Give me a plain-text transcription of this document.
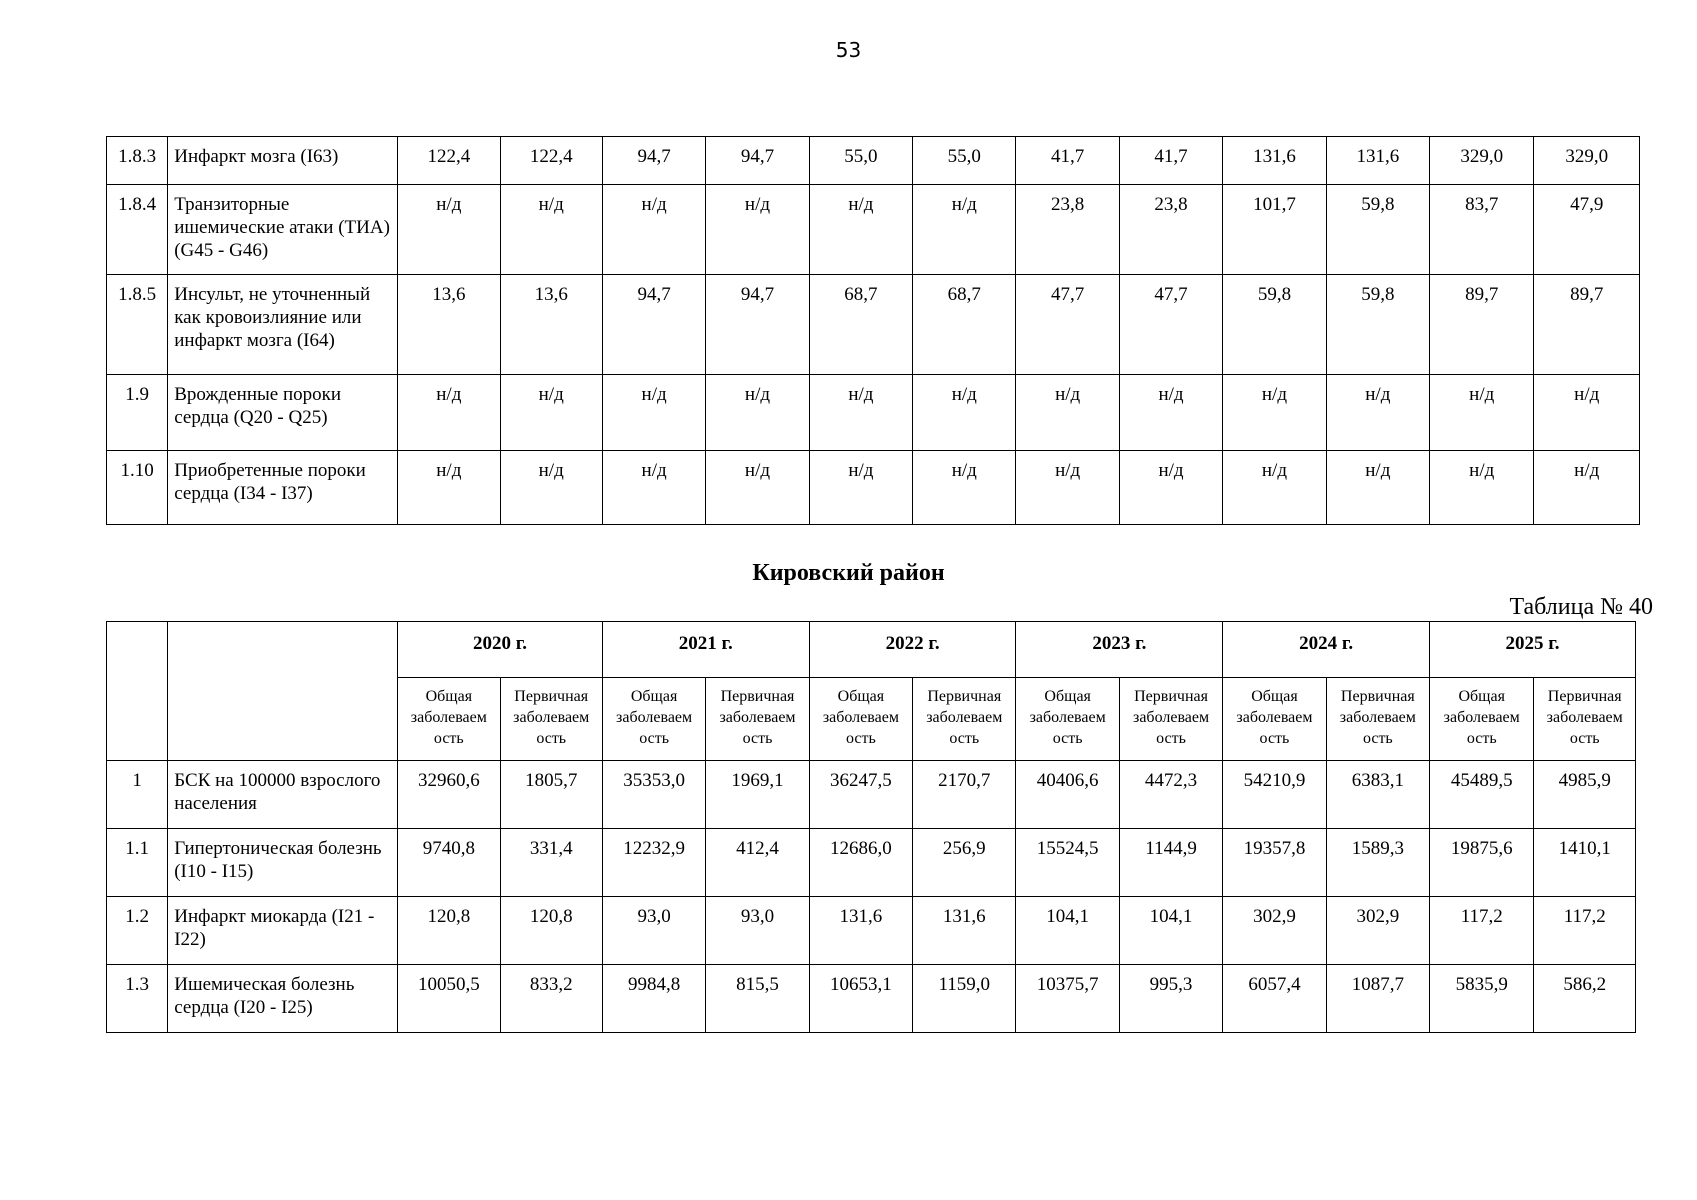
53
1.8.3	Инфаркт мозга (I63)	122,4	122,4	94,7	94,7	55,0	55,0	41,7	41,7	131,6	131,6	329,0	329,0
1.8.4	Транзиторные ишемические атаки (ТИА) (G45 - G46)	н/д	н/д	н/д	н/д	н/д	н/д	23,8	23,8	101,7	59,8	83,7	47,9
1.8.5	Инсульт, не уточненный как кровоизлияние или инфаркт мозга (I64)	13,6	13,6	94,7	94,7	68,7	68,7	47,7	47,7	59,8	59,8	89,7	89,7
1.9	Врожденные пороки сердца (Q20 - Q25)	н/д	н/д	н/д	н/д	н/д	н/д	н/д	н/д	н/д	н/д	н/д	н/д
1.10	Приобретенные пороки сердца (I34 - I37)	н/д	н/д	н/д	н/д	н/д	н/д	н/д	н/д	н/д	н/д	н/д	н/д
Кировский район
Таблица № 40
		2020 г.		2021 г.		2022 г.		2023 г.		2024 г.		2025 г.	
		Общая заболеваем ость	Первичная заболеваем ость	Общая заболеваем ость	Первичная заболеваем ость	Общая заболеваем ость	Первичная заболеваем ость	Общая заболеваем ость	Первичная заболеваем ость	Общая заболеваем ость	Первичная заболеваем ость	Общая заболеваем ость	Первичная заболеваем ость
1	БСК на 100000 взрослого населения	32960,6	1805,7	35353,0	1969,1	36247,5	2170,7	40406,6	4472,3	54210,9	6383,1	45489,5	4985,9
1.1	Гипертоническая болезнь (I10 - I15)	9740,8	331,4	12232,9	412,4	12686,0	256,9	15524,5	1144,9	19357,8	1589,3	19875,6	1410,1
1.2	Инфаркт миокарда (I21 - I22)	120,8	120,8	93,0	93,0	131,6	131,6	104,1	104,1	302,9	302,9	117,2	117,2
1.3	Ишемическая болезнь сердца (I20 - I25)	10050,5	833,2	9984,8	815,5	10653,1	1159,0	10375,7	995,3	6057,4	1087,7	5835,9	586,2
